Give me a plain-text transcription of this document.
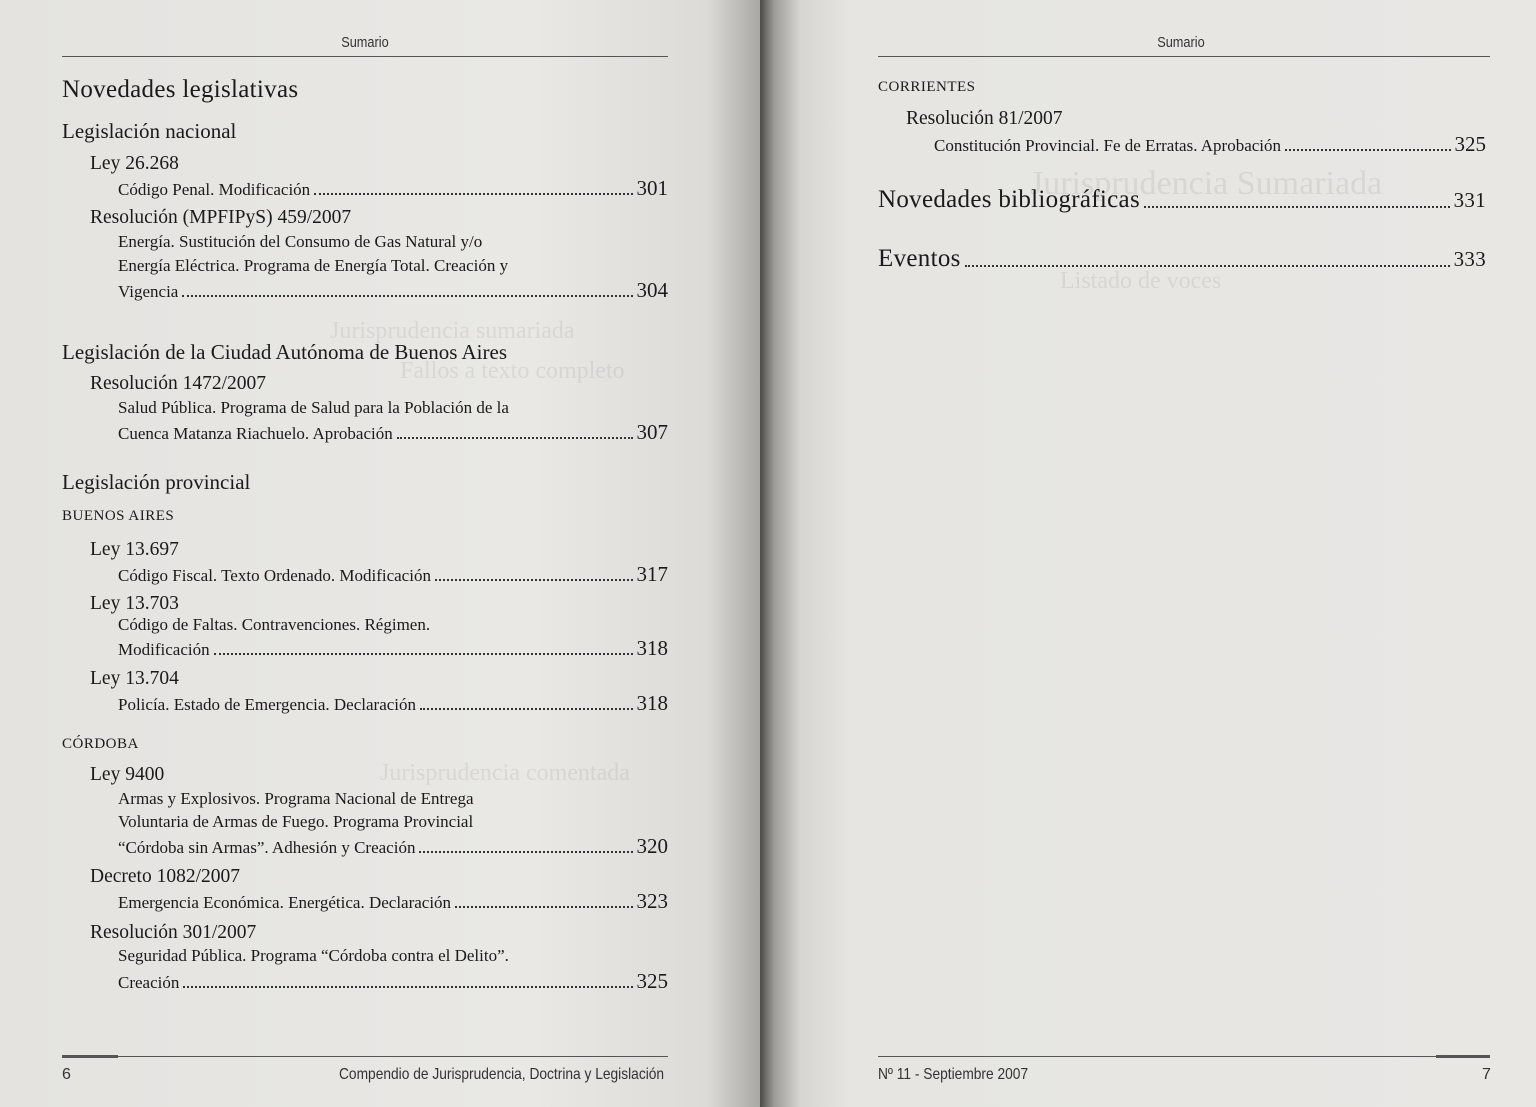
Sumario
Jurisprudencia sumariada
Fallos a texto completo
Jurisprudencia comentada
Novedades legislativas
Legislación nacional
Ley 26.268
Código Penal. Modificación	301
Resolución (MPFIPyS) 459/2007
Energía. Sustitución del Consumo de Gas Natural y/o
Energía Eléctrica. Programa de Energía Total. Creación y
Vigencia	304
Legislación de la Ciudad Autónoma de Buenos Aires
Resolución 1472/2007
Salud Pública. Programa de Salud para la Población de la
Cuenca Matanza Riachuelo. Aprobación	307
Legislación provincial
BUENOS AIRES
Ley 13.697
Código Fiscal. Texto Ordenado. Modificación	317
Ley 13.703
Código de Faltas. Contravenciones. Régimen.
Modificación	318
Ley 13.704
Policía. Estado de Emergencia. Declaración	318
CÓRDOBA
Ley 9400
Armas y Explosivos. Programa Nacional de Entrega
Voluntaria de Armas de Fuego. Programa Provincial
“Córdoba sin Armas”. Adhesión y Creación	320
Decreto 1082/2007
Emergencia Económica. Energética. Declaración	323
Resolución 301/2007
Seguridad Pública. Programa “Córdoba contra el Delito”.
Creación	325
6	Compendio de Jurisprudencia, Doctrina y Legislación
Sumario
Jurisprudencia Sumariada
Listado de voces
CORRIENTES
Resolución 81/2007
Constitución Provincial. Fe de Erratas. Aprobación	325
Novedades bibliográficas	331
Eventos	333
Nº 11 - Septiembre 2007	7
